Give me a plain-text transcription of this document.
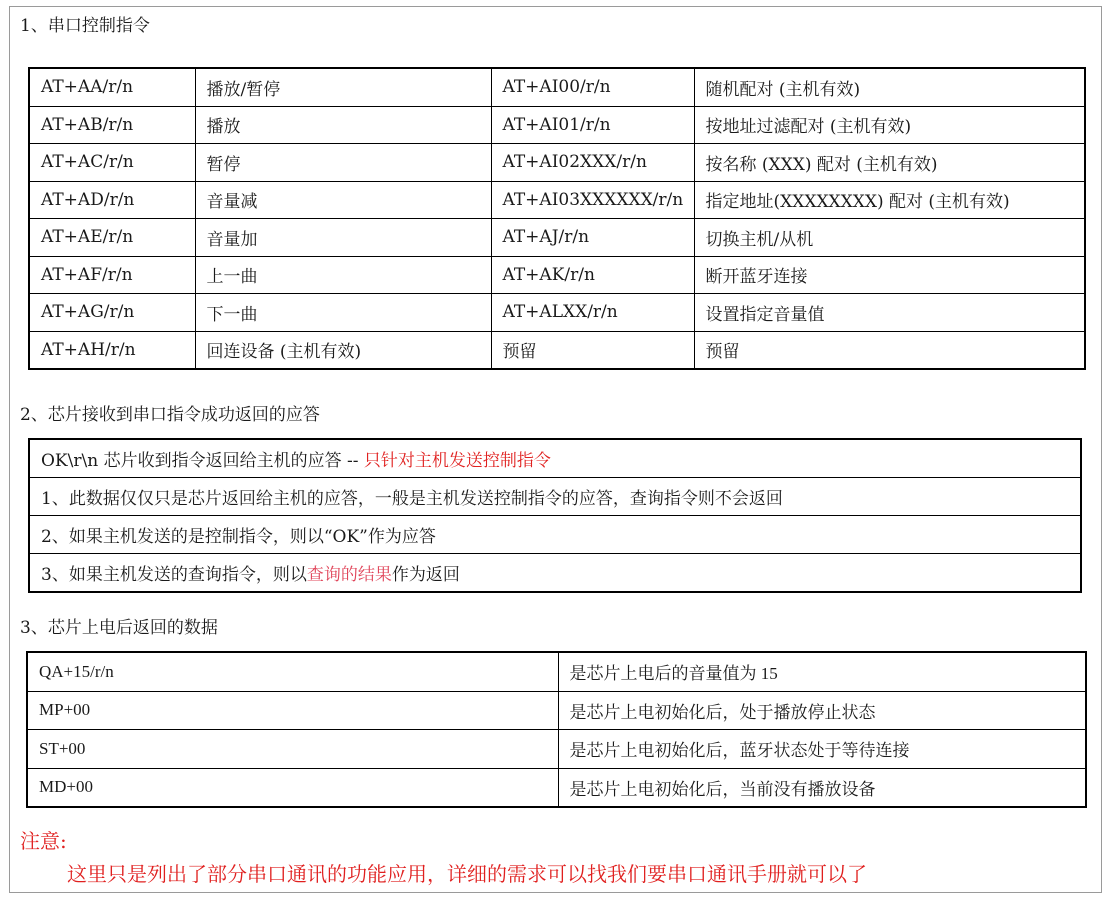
1、串口控制指令
AT+AA/r/n	播放/暂停	AT+AI00/r/n	随机配对 (主机有效)
AT+AB/r/n	播放	AT+AI01/r/n	按地址过滤配对 (主机有效)
AT+AC/r/n	暂停	AT+AI02XXX/r/n	按名称 (XXX) 配对 (主机有效)
AT+AD/r/n	音量减	AT+AI03XXXXXX/r/n	指定地址(XXXXXXXX) 配对 (主机有效)
AT+AE/r/n	音量加	AT+AJ/r/n	切换主机/从机
AT+AF/r/n	上一曲	AT+AK/r/n	断开蓝牙连接
AT+AG/r/n	下一曲	AT+ALXX/r/n	设置指定音量值
AT+AH/r/n	回连设备 (主机有效)	预留	预留
2、芯片接收到串口指令成功返回的应答
OK\r\n 芯片收到指令返回给主机的应答 -- 只针对主机发送控制指令
1、此数据仅仅只是芯片返回给主机的应答，一般是主机发送控制指令的应答，查询指令则不会返回
2、如果主机发送的是控制指令，则以“OK”作为应答
3、如果主机发送的查询指令，则以查询的结果作为返回
3、芯片上电后返回的数据
QA+15/r/n	是芯片上电后的音量值为 15
MP+00	是芯片上电初始化后，处于播放停止状态
ST+00	是芯片上电初始化后，蓝牙状态处于等待连接
MD+00	是芯片上电初始化后，当前没有播放设备
注意:
这里只是列出了部分串口通讯的功能应用，详细的需求可以找我们要串口通讯手册就可以了
